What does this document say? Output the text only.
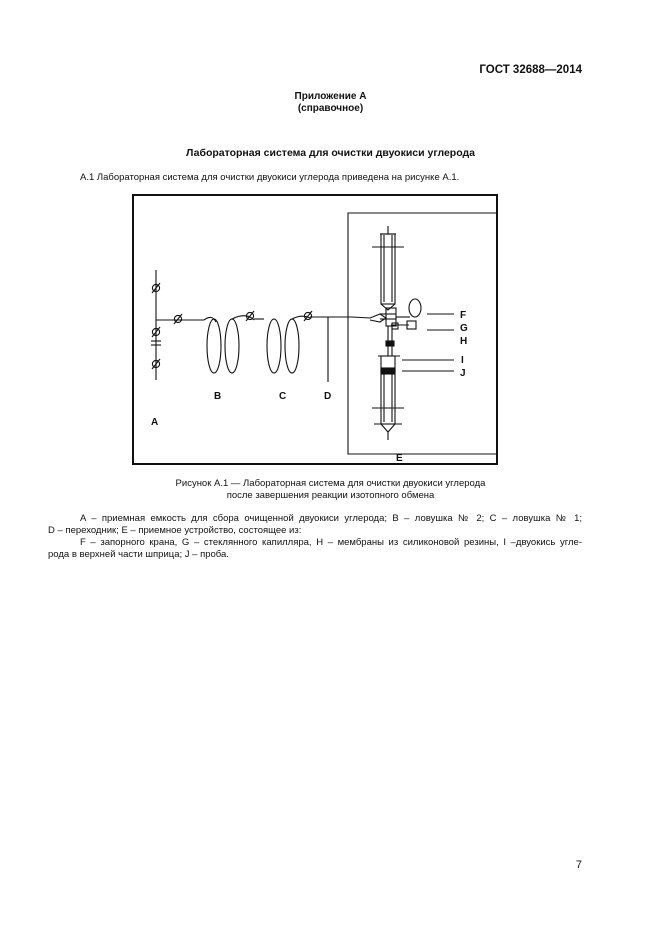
ГОСТ 32688—2014
Приложение А
(справочное)
Лабораторная система для очистки двуокиси углерода
А.1 Лабораторная система для очистки двуокиси углерода приведена на рисунке А.1.
A
B	C	D
E
F
G
H
I
J
Рисунок А.1 — Лабораторная система для очистки двуокиси углерода
после завершения реакции изотопного обмена

A – приемная емкость для сбора очищенной двуокиси углерода; B – ловушка № 2; C – ловушка № 1;

D – переходник; E – приемное устройство, состоящее из:

F – запорного крана, G – стеклянного капилляра, H – мембраны из силиконовой резины, I –двуокись угле-

рода в верхней части шприца; J – проба.

7
